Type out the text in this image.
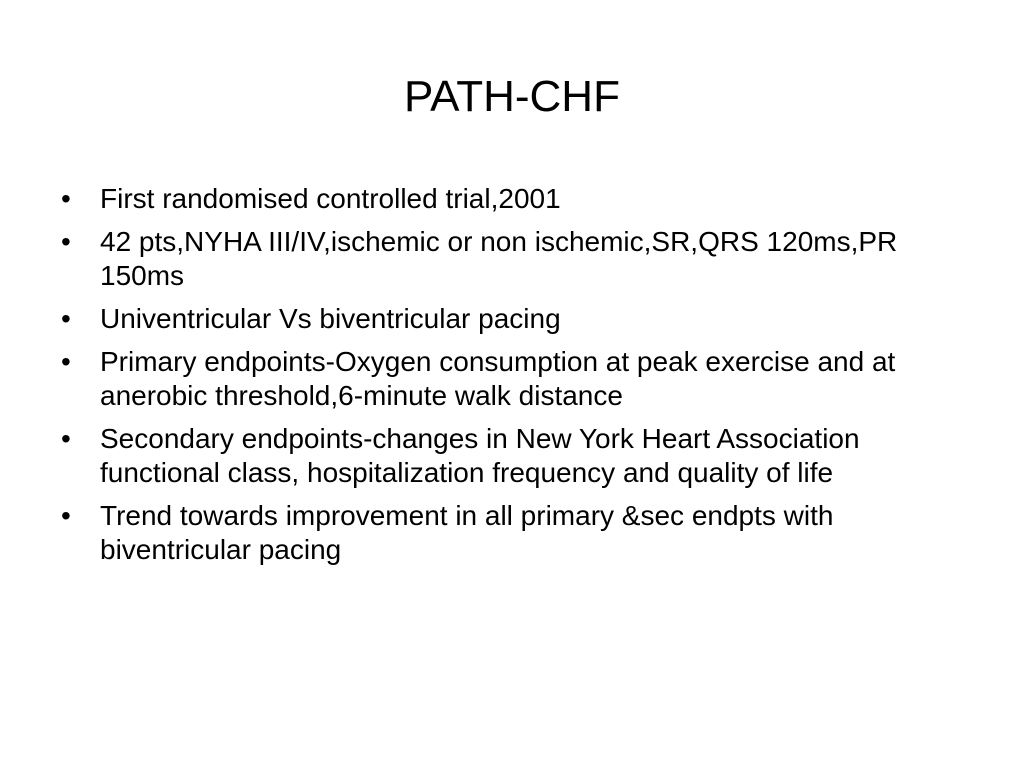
PATH-CHF
• First randomised controlled trial,2001
• 42 pts,NYHA III/IV,ischemic or non ischemic,SR,QRS 120ms,PR 150ms
• Univentricular Vs biventricular pacing
• Primary endpoints-Oxygen consumption at peak exercise and at anerobic threshold,6-minute walk distance
• Secondary endpoints-changes in New York Heart Association functional class, hospitalization frequency and quality of life
• Trend towards improvement in all primary &sec endpts with biventricular pacing
